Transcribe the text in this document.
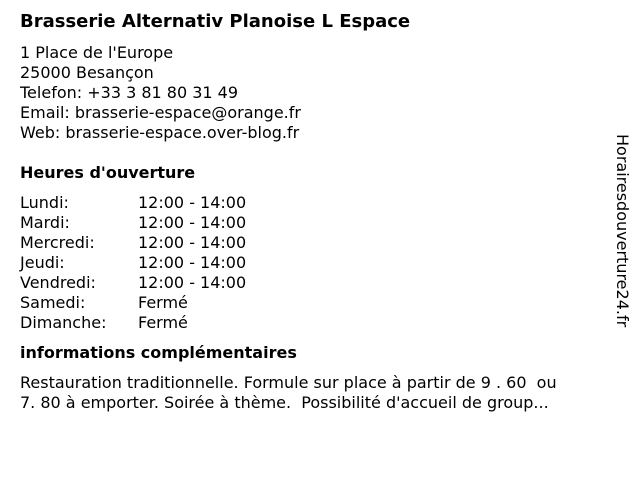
Brasserie Alternativ Planoise L Espace
1 Place de l'Europe
25000 Besançon
Telefon: +33 3 81 80 31 49
Email: brasserie-espace@orange.fr
Web: brasserie-espace.over-blog.fr
Heures d'ouverture
Lundi:	12:00 - 14:00
Mardi:	12:00 - 14:00
Mercredi:	12:00 - 14:00
Jeudi:	12:00 - 14:00
Vendredi:	12:00 - 14:00
Samedi:	Fermé
Dimanche:	Fermé
informations complémentaires
Restauration traditionnelle. Formule sur place à partir de 9 . 60  ou
7. 80 à emporter. Soirée à thème.  Possibilité d'accueil de group...
Horairesdouverture24.fr
